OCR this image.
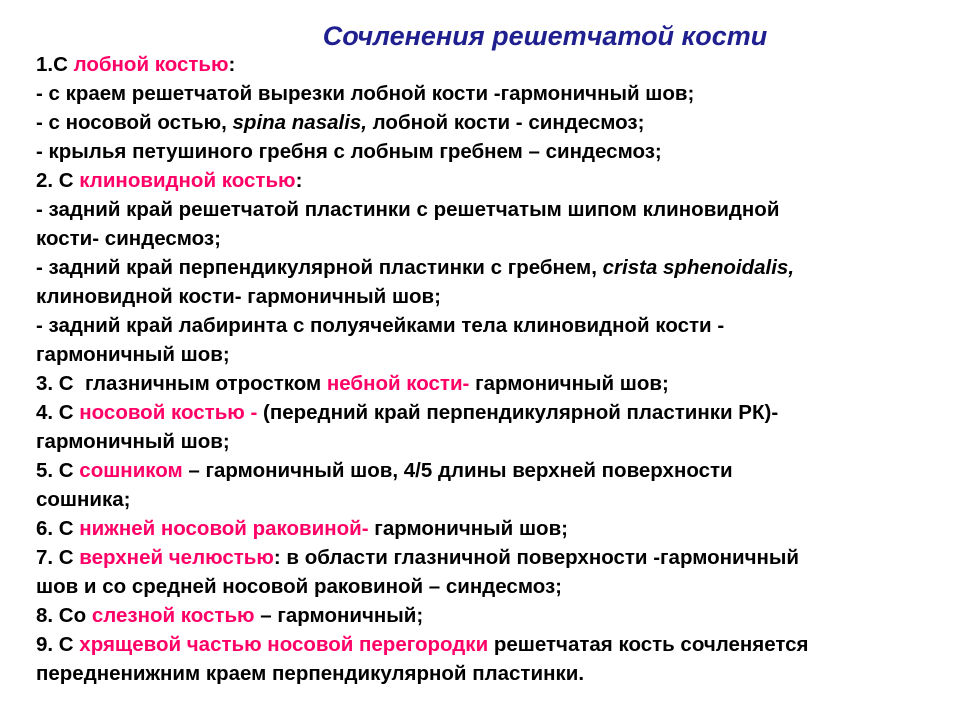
Сочленения решетчатой кости
1.С лобной костью:
- с краем решетчатой вырезки лобной кости -гармоничный шов;
- с носовой остью, spina nasalis, лобной кости - синдесмоз;
- крылья петушиного гребня с лобным гребнем – синдесмоз;
2. С клиновидной костью:
- задний край решетчатой пластинки с решетчатым шипом клиновидной
кости- синдесмоз;
- задний край перпендикулярной пластинки с гребнем, crista sphenoidalis,
клиновидной кости- гармоничный шов;
- задний край лабиринта с полуячейками тела клиновидной кости -
гармоничный шов;
3. С  глазничным отростком небной кости- гармоничный шов;
4. С носовой костью - (передний край перпендикулярной пластинки РК)-
гармоничный шов;
5. С сошником – гармоничный шов, 4/5 длины верхней поверхности
сошника;
6. С нижней носовой раковиной- гармоничный шов;
7. С верхней челюстью: в области глазничной поверхности -гармоничный
шов и со средней носовой раковиной – синдесмоз;
8. Со слезной костью – гармоничный;
9. С хрящевой частью носовой перегородки решетчатая кость сочленяется
передненижним краем перпендикулярной пластинки.
